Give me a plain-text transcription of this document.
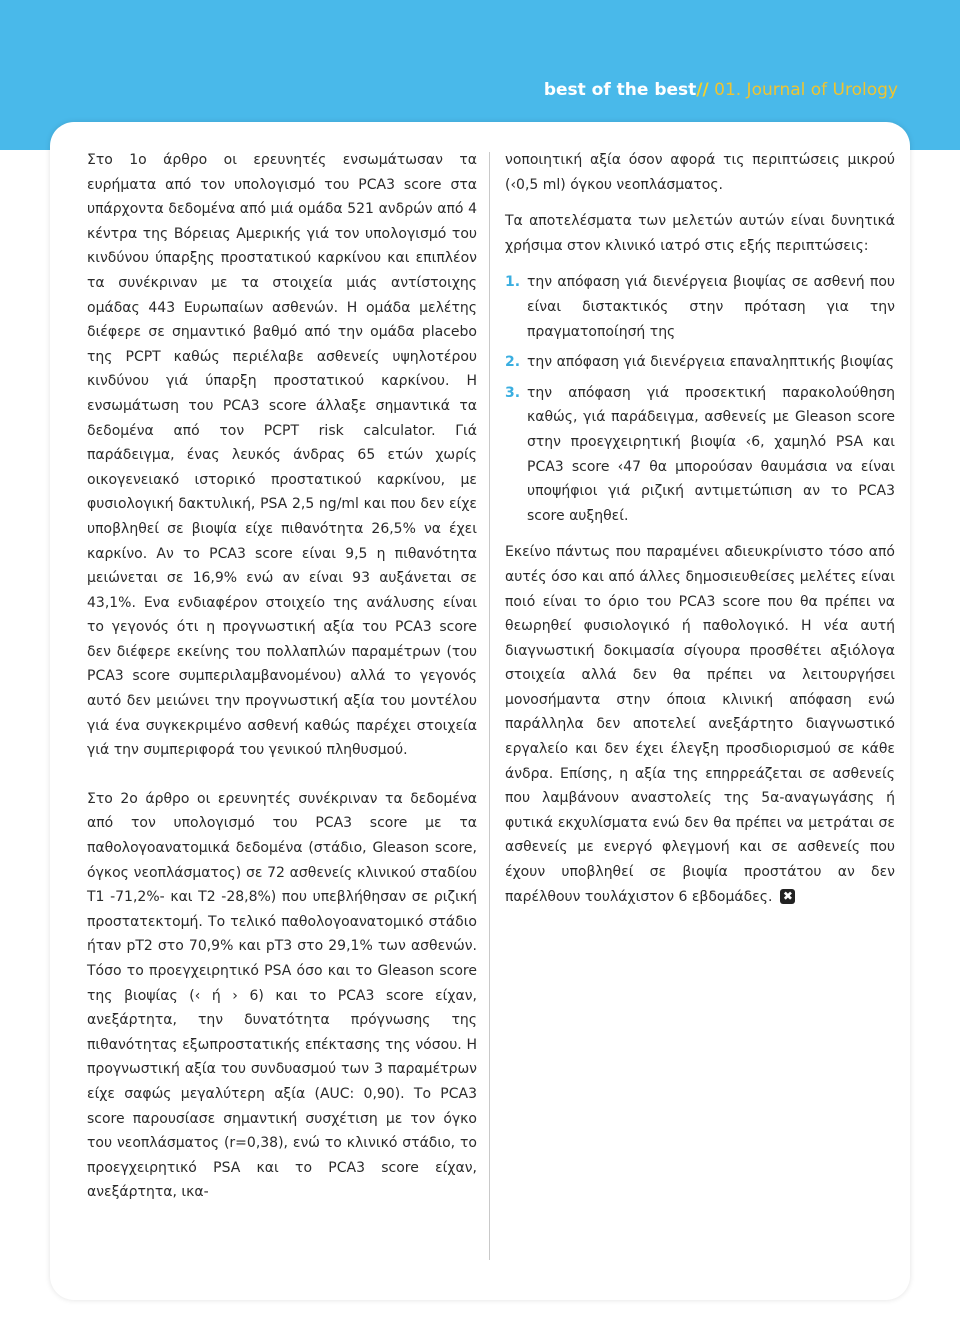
best of the best// 01. Journal of Urology

Στο 1ο άρθρο οι ερευνητές ενσωμάτωσαν τα ευρήματα από τον υπολογισμό του PCA3 score στα υπάρχοντα δεδομένα από μιά ομάδα 521 ανδρών από 4 κέντρα της Βόρειας Αμερικής γιά τον υπολογισμό του κινδύνου ύπαρξης προστατικού καρκίνου και επιπλέον τα συνέκριναν με τα στοιχεία μιάς αντίστοιχης ομάδας 443 Ευρωπαίων ασθενών. Η ομάδα μελέτης διέφερε σε σημαντικό βαθμό από την ομάδα placebo της PCPT καθώς περιέλαβε ασθενείς υψηλοτέρου κινδύνου γιά ύπαρξη προστατικού καρκίνου. Η ενσωμάτωση του PCA3 score άλλαξε σημαντικά τα δεδομένα από τον PCPT risk calculator. Γιά παράδειγμα, ένας λευκός άνδρας 65 ετών χωρίς οικογενειακό ιστορικό προστατικού καρκίνου, με φυσιολογική δακτυλική, PSA 2,5 ng/ml και που δεν είχε υποβληθεί σε βιοψία είχε πιθανότητα 26,5% να έχει καρκίνο. Αν το PCA3 score είναι 9,5 η πιθανότητα μειώνεται σε 16,9% ενώ αν είναι 93 αυξάνεται σε 43,1%. Ενα ενδιαφέρον στοιχείο της ανάλυσης είναι το γεγονός ότι η προγνωστική αξία του PCA3 score δεν διέφερε εκείνης του πολλαπλών παραμέτρων (του PCA3 score συμπεριλαμβανομένου) αλλά το γεγονός αυτό δεν μειώνει την προγνωστική αξία του μοντέλου γιά ένα συγκεκριμένο ασθενή καθώς παρέχει στοιχεία γιά την συμπεριφορά του γενικού πληθυσμού.

Στο 2ο άρθρο οι ερευνητές συνέκριναν τα δεδομένα από τον υπολογισμό του PCA3 score με τα παθολογοανατομικά δεδομένα (στάδιο, Gleason score, όγκος νεοπλάσματος) σε 72 ασθενείς κλινικού σταδίου T1 -71,2%- και T2 -28,8%) που υπεβλήθησαν σε ριζική προστατεκτομή. Το τελικό παθολογοανατομικό στάδιο ήταν pT2 στο 70,9% και pT3 στο 29,1% των ασθενών. Τόσο το προεγχειρητικό PSA όσο και το Gleason score της βιοψίας (‹ ή › 6) και το PCA3 score είχαν, ανεξάρτητα, την δυνατότητα πρόγνωσης της πιθανότητας εξωπροστατικής επέκτασης της νόσου. Η προγνωστική αξία του συνδυασμού των 3 παραμέτρων είχε σαφώς μεγαλύτερη αξία (AUC: 0,90). Το PCA3 score παρουσίασε σημαντική συσχέτιση με τον όγκο του νεοπλάσματος (r=0,38), ενώ το κλινικό στάδιο, το προεγχειρητικό PSA και το PCA3 score είχαν, ανεξάρτητα, ικα-

νοποιητική αξία όσον αφορά τις περιπτώσεις μικρού (‹0,5 ml) όγκου νεοπλάσματος.

Τα αποτελέσματα των μελετών αυτών είναι δυνητικά χρήσιμα στον κλινικό ιατρό στις εξής περιπτώσεις:

1. την απόφαση γιά διενέργεια βιοψίας σε ασθενή που είναι διστακτικός στην πρόταση για την πραγματοποίησή της
2. την απόφαση γιά διενέργεια επαναληπτικής βιοψίας
3. την απόφαση γιά προσεκτική παρακολούθηση καθώς, γιά παράδειγμα, ασθενείς με Gleason score στην προεγχειρητική βιοψία ‹6, χαμηλό PSA και PCA3 score ‹47 θα μπορούσαν θαυμάσια να είναι υποψήφιοι γιά ριζική αντιμετώπιση αν το PCA3 score αυξηθεί.

Εκείνο πάντως που παραμένει αδιευκρίνιστο τόσο από αυτές όσο και από άλλες δημοσιευθείσες μελέτες είναι ποιό είναι το όριο του PCA3 score που θα πρέπει να θεωρηθεί φυσιολογικό ή παθολογικό. Η νέα αυτή διαγνωστική δοκιμασία σίγουρα προσθέτει αξιόλογα στοιχεία αλλά δεν θα πρέπει να λειτουργήσει μονοσήμαντα στην όποια κλινική απόφαση ενώ παράλληλα δεν αποτελεί ανεξάρτητο διαγνωστικό εργαλείο και δεν έχει έλεγξη προσδιορισμού σε κάθε άνδρα. Επίσης, η αξία της επηρρεάζεται σε ασθενείς που λαμβάνουν αναστολείς της 5α-αναγωγάσης ή φυτικά εκχυλίσματα ενώ δεν θα πρέπει να μετράται σε ασθενείς με ενεργό φλεγμονή και σε ασθενείς που έχουν υποβληθεί σε βιοψία προστάτου αν δεν παρέλθουν τουλάχιστον 6 εβδομάδες. ✖
